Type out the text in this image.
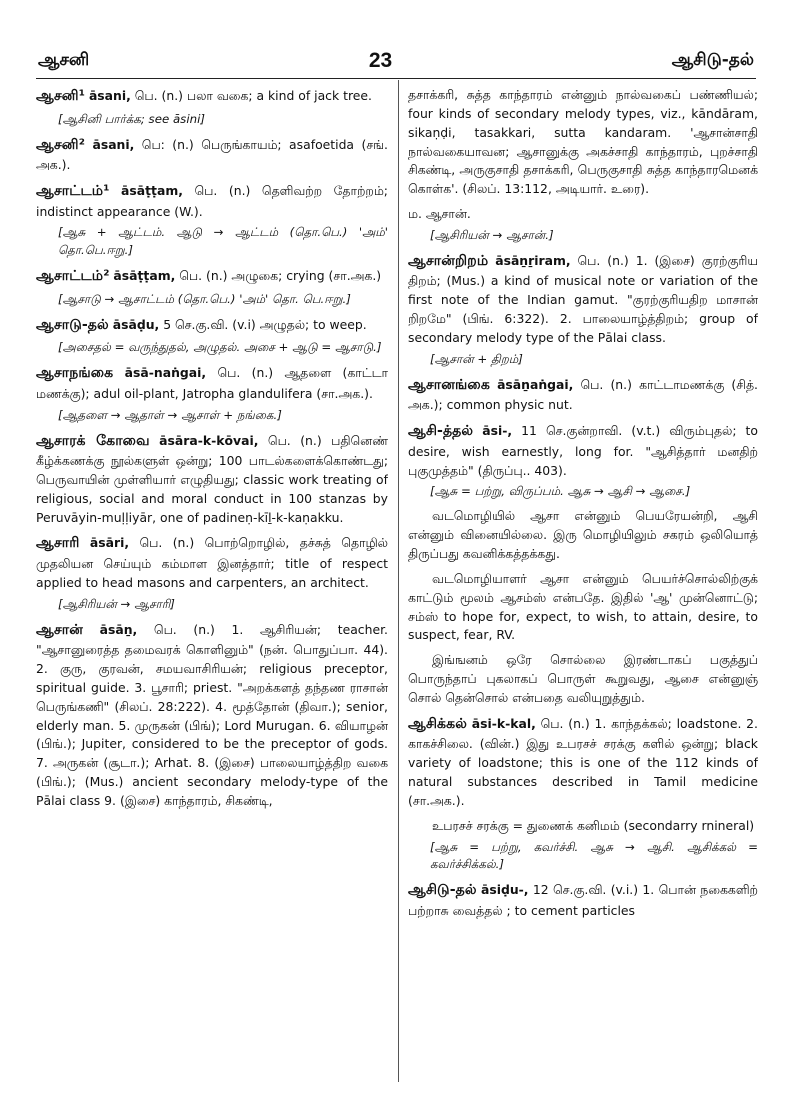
ஆசனி	23	ஆசிடு-தல்

ஆசனி¹ āsani, பெ. (n.) பலா வகை; a kind of jack tree.

[ஆசினி பார்க்க; see āsini]

ஆசனி² āsani, பெ: (n.) பெருங்காயம்; asafoetida (சங். அக.).

ஆசாட்டம்¹ āsāṭṭam, பெ. (n.) தெளிவற்ற தோற்றம்; indistinct appearance (W.).

[ஆசு + ஆட்டம். ஆடு → ஆட்டம் (தொ.பெ.) 'அம்' தொ.பெ.ஈறு.]

ஆசாட்டம்² āsāṭṭam, பெ. (n.) அழுகை; crying (சா.அக.)

[ஆசாடு → ஆசாட்டம் (தொ.பெ.) 'அம்' தொ. பெ.ஈறு.]

ஆசாடு-தல் āsāḍu, 5 செ.கு.வி. (v.i) அழுதல்; to weep.

[அசைதல் = வருந்துதல், அழுதல். அசை + ஆடு = ஆசாடு.]

ஆசாநங்கை āsā-naṅgai, பெ. (n.) ஆதளை (காட்டா மணக்கு); adul oil-plant, Jatropha glandulifera (சா.அக.).

[ஆதளை → ஆதாள் → ஆசாள் + நங்கை.]

ஆசாரக் கோவை āsāra-k-kōvai, பெ. (n.) பதினெண் கீழ்க்கணக்கு நூல்களுள் ஒன்று; 100 பாடல்களைக்கொண்டது; பெருவாயின் முள்ளியார் எழுதியது; classic work treating of religious, social and moral conduct in 100 stanzas by Peruvāyin-muḷḷiyār, one of padineṇ-kīḻ-k-kaṇakku.

ஆசாரி āsāri, பெ. (n.) பொற்றொழில், தச்சுத் தொழில் முதலியன செய்யும் கம்மாள இனத்தார்; title of respect applied to head masons and carpenters, an architect.

[ஆசிரியன் → ஆசாரி]

ஆசான் āsāṉ, பெ. (n.) 1. ஆசிரியன்; teacher. "ஆசானுரைத்த தமைவரக் கொளினும்" (நன். பொதுப்பா. 44). 2. குரு, குரவன், சமயவாசிரியன்; religious preceptor, spiritual guide. 3. பூசாரி; priest. "அறக்களத் தந்தண ராசான் பெருங்கணி" (சிலப். 28:222). 4. மூத்தோன் (திவா.); senior, elderly man. 5. முருகன் (பிங்); Lord Murugan. 6. வியாழன் (பிங்.); Jupiter, considered to be the preceptor of gods. 7. அருகன் (சூடா.); Arhat. 8. (இசை) பாலையாழ்த்திற வகை (பிங்.); (Mus.) ancient secondary melody-type of the Pālai class 9. (இசை) காந்தாரம், சிகண்டி,

தசாக்கரி, சுத்த காந்தாரம் என்னும் நால்வகைப் பண்ணியல்; four kinds of secondary melody types, viz., kāndāram, sikaṇḍi, tasakkari, sutta kandaram. 'ஆசான்சாதி நால்வகையாவன; ஆசானுக்கு அகச்சாதி காந்தாரம், புறச்சாதி சிகண்டி, அருகுசாதி தசாக்கரி, பெருகுசாதி சுத்த காந்தாரமெனக் கொள்க'. (சிலப். 13:112, அடியார். உரை).

ம. ஆசான்.

[ஆசிரியன் → ஆசான்.]

ஆசான்றிறம் āsāṉṟiram, பெ. (n.) 1. (இசை) குரற்குரிய திறம்; (Mus.) a kind of musical note or variation of the first note of the Indian gamut. "குரற்குரியதிற மாசான் றிறமே" (பிங். 6:322). 2. பாலையாழ்த்திறம்; group of secondary melody type of the Pālai class.

[ஆசான் + திறம்]

ஆசானங்கை āsāṉaṅgai, பெ. (n.) காட்டாமணக்கு (சித். அக.); common physic nut.

ஆசி-த்தல் āsi-, 11 செ.குன்றாவி. (v.t.) விரும்புதல்; to desire, wish earnestly, long for. "ஆசித்தார் மனதிற் புகுமுத்தம்" (திருப்பு.. 403).

[ஆசு = பற்று, விருப்பம். ஆசு → ஆசி → ஆசை.]

வடமொழியில் ஆசா என்னும் பெயரேயன்றி, ஆசி என்னும் வினையில்லை. இரு மொழியிலும் சகரம் ஒலியொத் திருப்பது கவனிக்கத்தக்கது.

வடமொழியாளர் ஆசா என்னும் பெயர்ச்சொல்லிற்குக் காட்டும் மூலம் ஆசம்ஸ் என்பதே. இதில் 'ஆ' முன்னொட்டு; சம்ஸ் to hope for, expect, to wish, to attain, desire, to suspect, fear, RV.

இங்ஙனம் ஒரே சொல்லை இரண்டாகப் பகுத்துப் பொருந்தாப் புகலாகப் பொருள் கூறுவது, ஆசை என்னுஞ் சொல் தென்சொல் என்பதை வலியுறுத்தும்.

ஆசிக்கல் āsi-k-kal, பெ. (n.) 1. காந்தக்கல்; loadstone. 2. காகச்சிலை. (வின்.) இது உபரசச் சரக்கு களில் ஒன்று; black variety of loadstone; this is one of the 112 kinds of natural substances described in Tamil medicine (சா.அக.).

உபரசச் சரக்கு = துணைக் கனிமம் (secondarry rnineral)

[ஆசு = பற்று, கவர்ச்சி. ஆசு → ஆசி. ஆசிக்கல் = கவர்ச்சிக்கல்.]

ஆசிடு-தல் āsiḍu-, 12 செ.கு.வி. (v.i.) 1. பொன் நகைகளிற் பற்றாசு வைத்தல் ; to cement particles
